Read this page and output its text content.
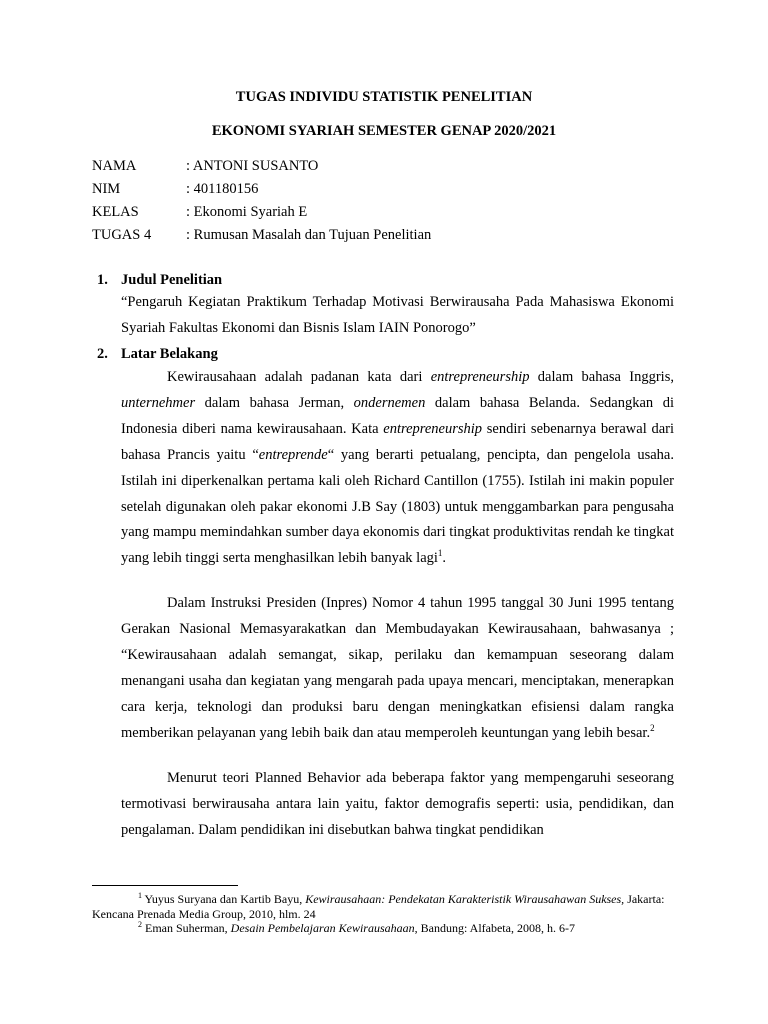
TUGAS INDIVIDU STATISTIK PENELITIAN
EKONOMI SYARIAH SEMESTER GENAP 2020/2021
NAMA	: ANTONI SUSANTO
NIM	: 401180156
KELAS	: Ekonomi Syariah E
TUGAS 4 : Rumusan Masalah dan Tujuan Penelitian
1. Judul Penelitian

“Pengaruh Kegiatan Praktikum Terhadap Motivasi Berwirausaha Pada Mahasiswa Ekonomi Syariah Fakultas Ekonomi dan Bisnis Islam IAIN Ponorogo”

2. Latar Belakang

Kewirausahaan adalah padanan kata dari entrepreneurship dalam bahasa Inggris, unternehmer dalam bahasa Jerman, ondernemen dalam bahasa Belanda. Sedangkan di Indonesia diberi nama kewirausahaan. Kata entrepreneurship sendiri sebenarnya berawal dari bahasa Prancis yaitu “entreprende“ yang berarti petualang, pencipta, dan pengelola usaha. Istilah ini diperkenalkan pertama kali oleh Richard Cantillon (1755). Istilah ini makin populer setelah digunakan oleh pakar ekonomi J.B Say (1803) untuk menggambarkan para pengusaha yang mampu memindahkan sumber daya ekonomis dari tingkat produktivitas rendah ke tingkat yang lebih tinggi serta menghasilkan lebih banyak lagi$^1$.

Dalam Instruksi Presiden (Inpres) Nomor 4 tahun 1995 tanggal 30 Juni 1995 tentang Gerakan Nasional Memasyarakatkan dan Membudayakan Kewirausahaan, bahwasanya ; “Kewirausahaan adalah semangat, sikap, perilaku dan kemampuan seseorang dalam menangani usaha dan kegiatan yang mengarah pada upaya mencari, menciptakan, menerapkan cara kerja, teknologi dan produksi baru dengan meningkatkan efisiensi dalam rangka memberikan pelayanan yang lebih baik dan atau memperoleh keuntungan yang lebih besar.$^2$

Menurut teori Planned Behavior ada beberapa faktor yang mempengaruhi seseorang termotivasi berwirausaha antara lain yaitu, faktor demografis seperti: usia, pendidikan, dan pengalaman. Dalam pendidikan ini disebutkan bahwa tingkat pendidikan

$^1$ Yuyus Suryana dan Kartib Bayu, Kewirausahaan: Pendekatan Karakteristik Wirausahawan Sukses, Jakarta: Kencana Prenada Media Group, 2010, hlm. 24

$^2$ Eman Suherman, Desain Pembelajaran Kewirausahaan, Bandung: Alfabeta, 2008, h. 6-7
